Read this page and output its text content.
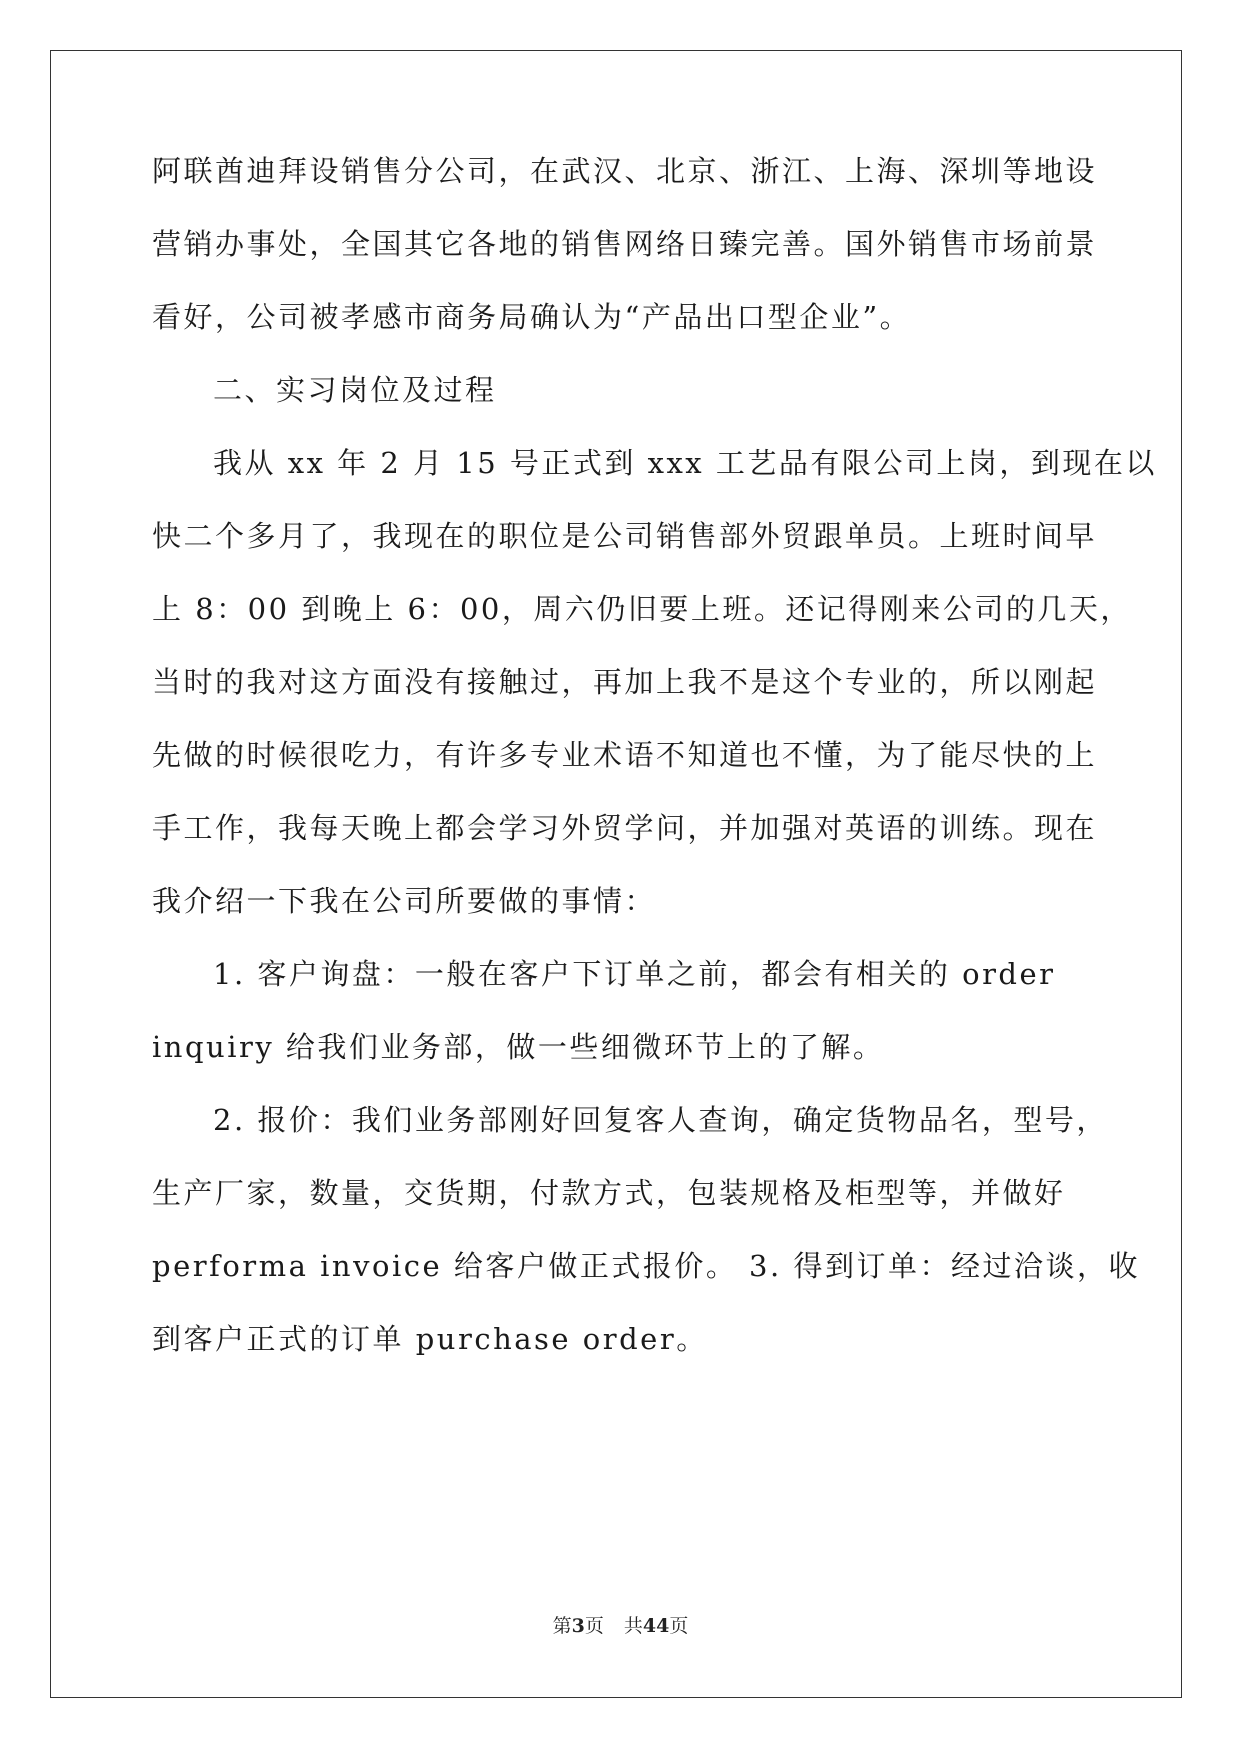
阿联酋迪拜设销售分公司，在武汉、北京、浙江、上海、深圳等地设
营销办事处，全国其它各地的销售网络日臻完善。国外销售市场前景
看好，公司被孝感市商务局确认为“产品出口型企业”。
二、实习岗位及过程
我从 xx 年 2 月 15 号正式到 xxx 工艺品有限公司上岗，到现在以
快二个多月了，我现在的职位是公司销售部外贸跟单员。上班时间早
上 8：00 到晚上 6：00，周六仍旧要上班。还记得刚来公司的几天，
当时的我对这方面没有接触过，再加上我不是这个专业的，所以刚起
先做的时候很吃力，有许多专业术语不知道也不懂，为了能尽快的上
手工作，我每天晚上都会学习外贸学问，并加强对英语的训练。现在
我介绍一下我在公司所要做的事情：
1. 客户询盘：一般在客户下订单之前，都会有相关的 order
inquiry 给我们业务部，做一些细微环节上的了解。
2. 报价：我们业务部刚好回复客人查询，确定货物品名，型号，
生产厂家，数量，交货期，付款方式，包装规格及柜型等，并做好
performa invoice 给客户做正式报价。 3. 得到订单：经过洽谈，收
到客户正式的订单 purchase order。
第3页 共44页
